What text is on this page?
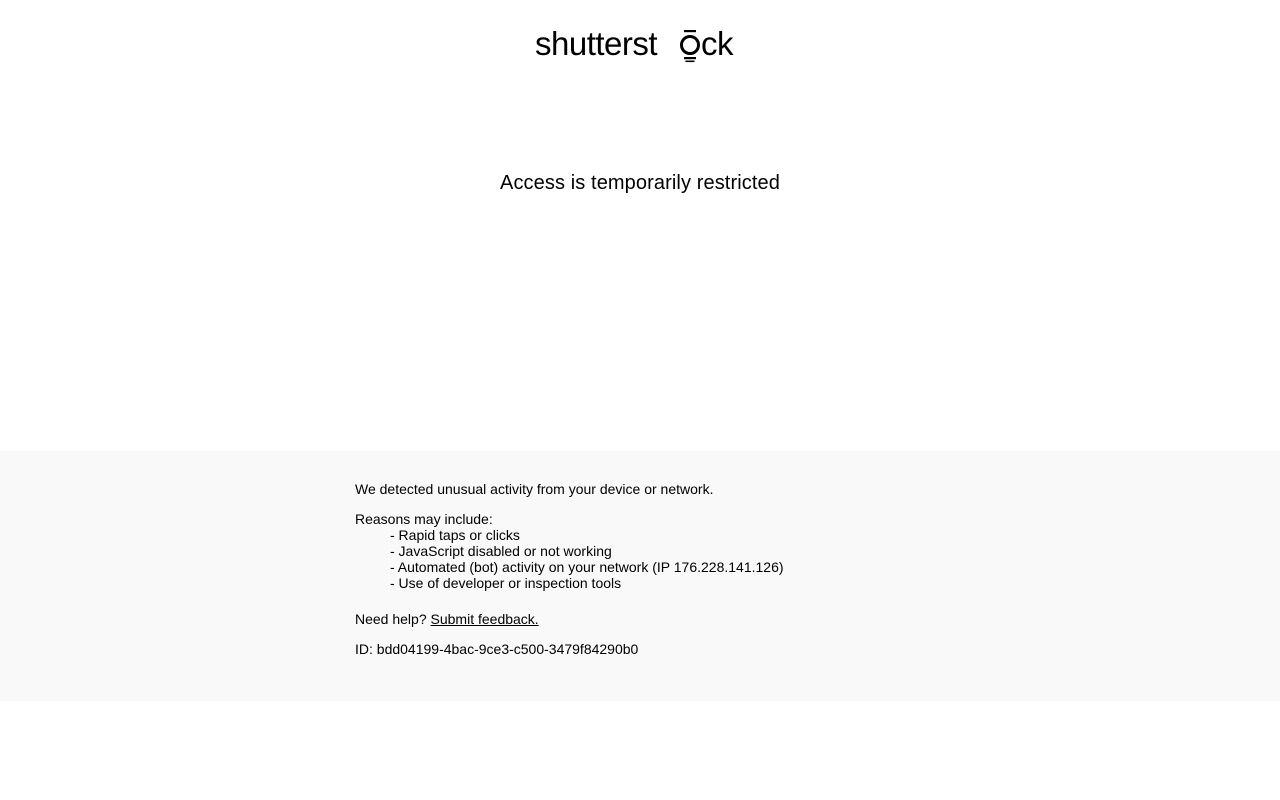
shutterst ck
Access is temporarily restricted

We detected unusual activity from your device or network.

Reasons may include:

- Rapid taps or clicks
- JavaScript disabled or not working
- Automated (bot) activity on your network (IP 176.228.141.126)
- Use of developer or inspection tools

Need help? Submit feedback.

ID: bdd04199-4bac-9ce3-c500-3479f84290b0
